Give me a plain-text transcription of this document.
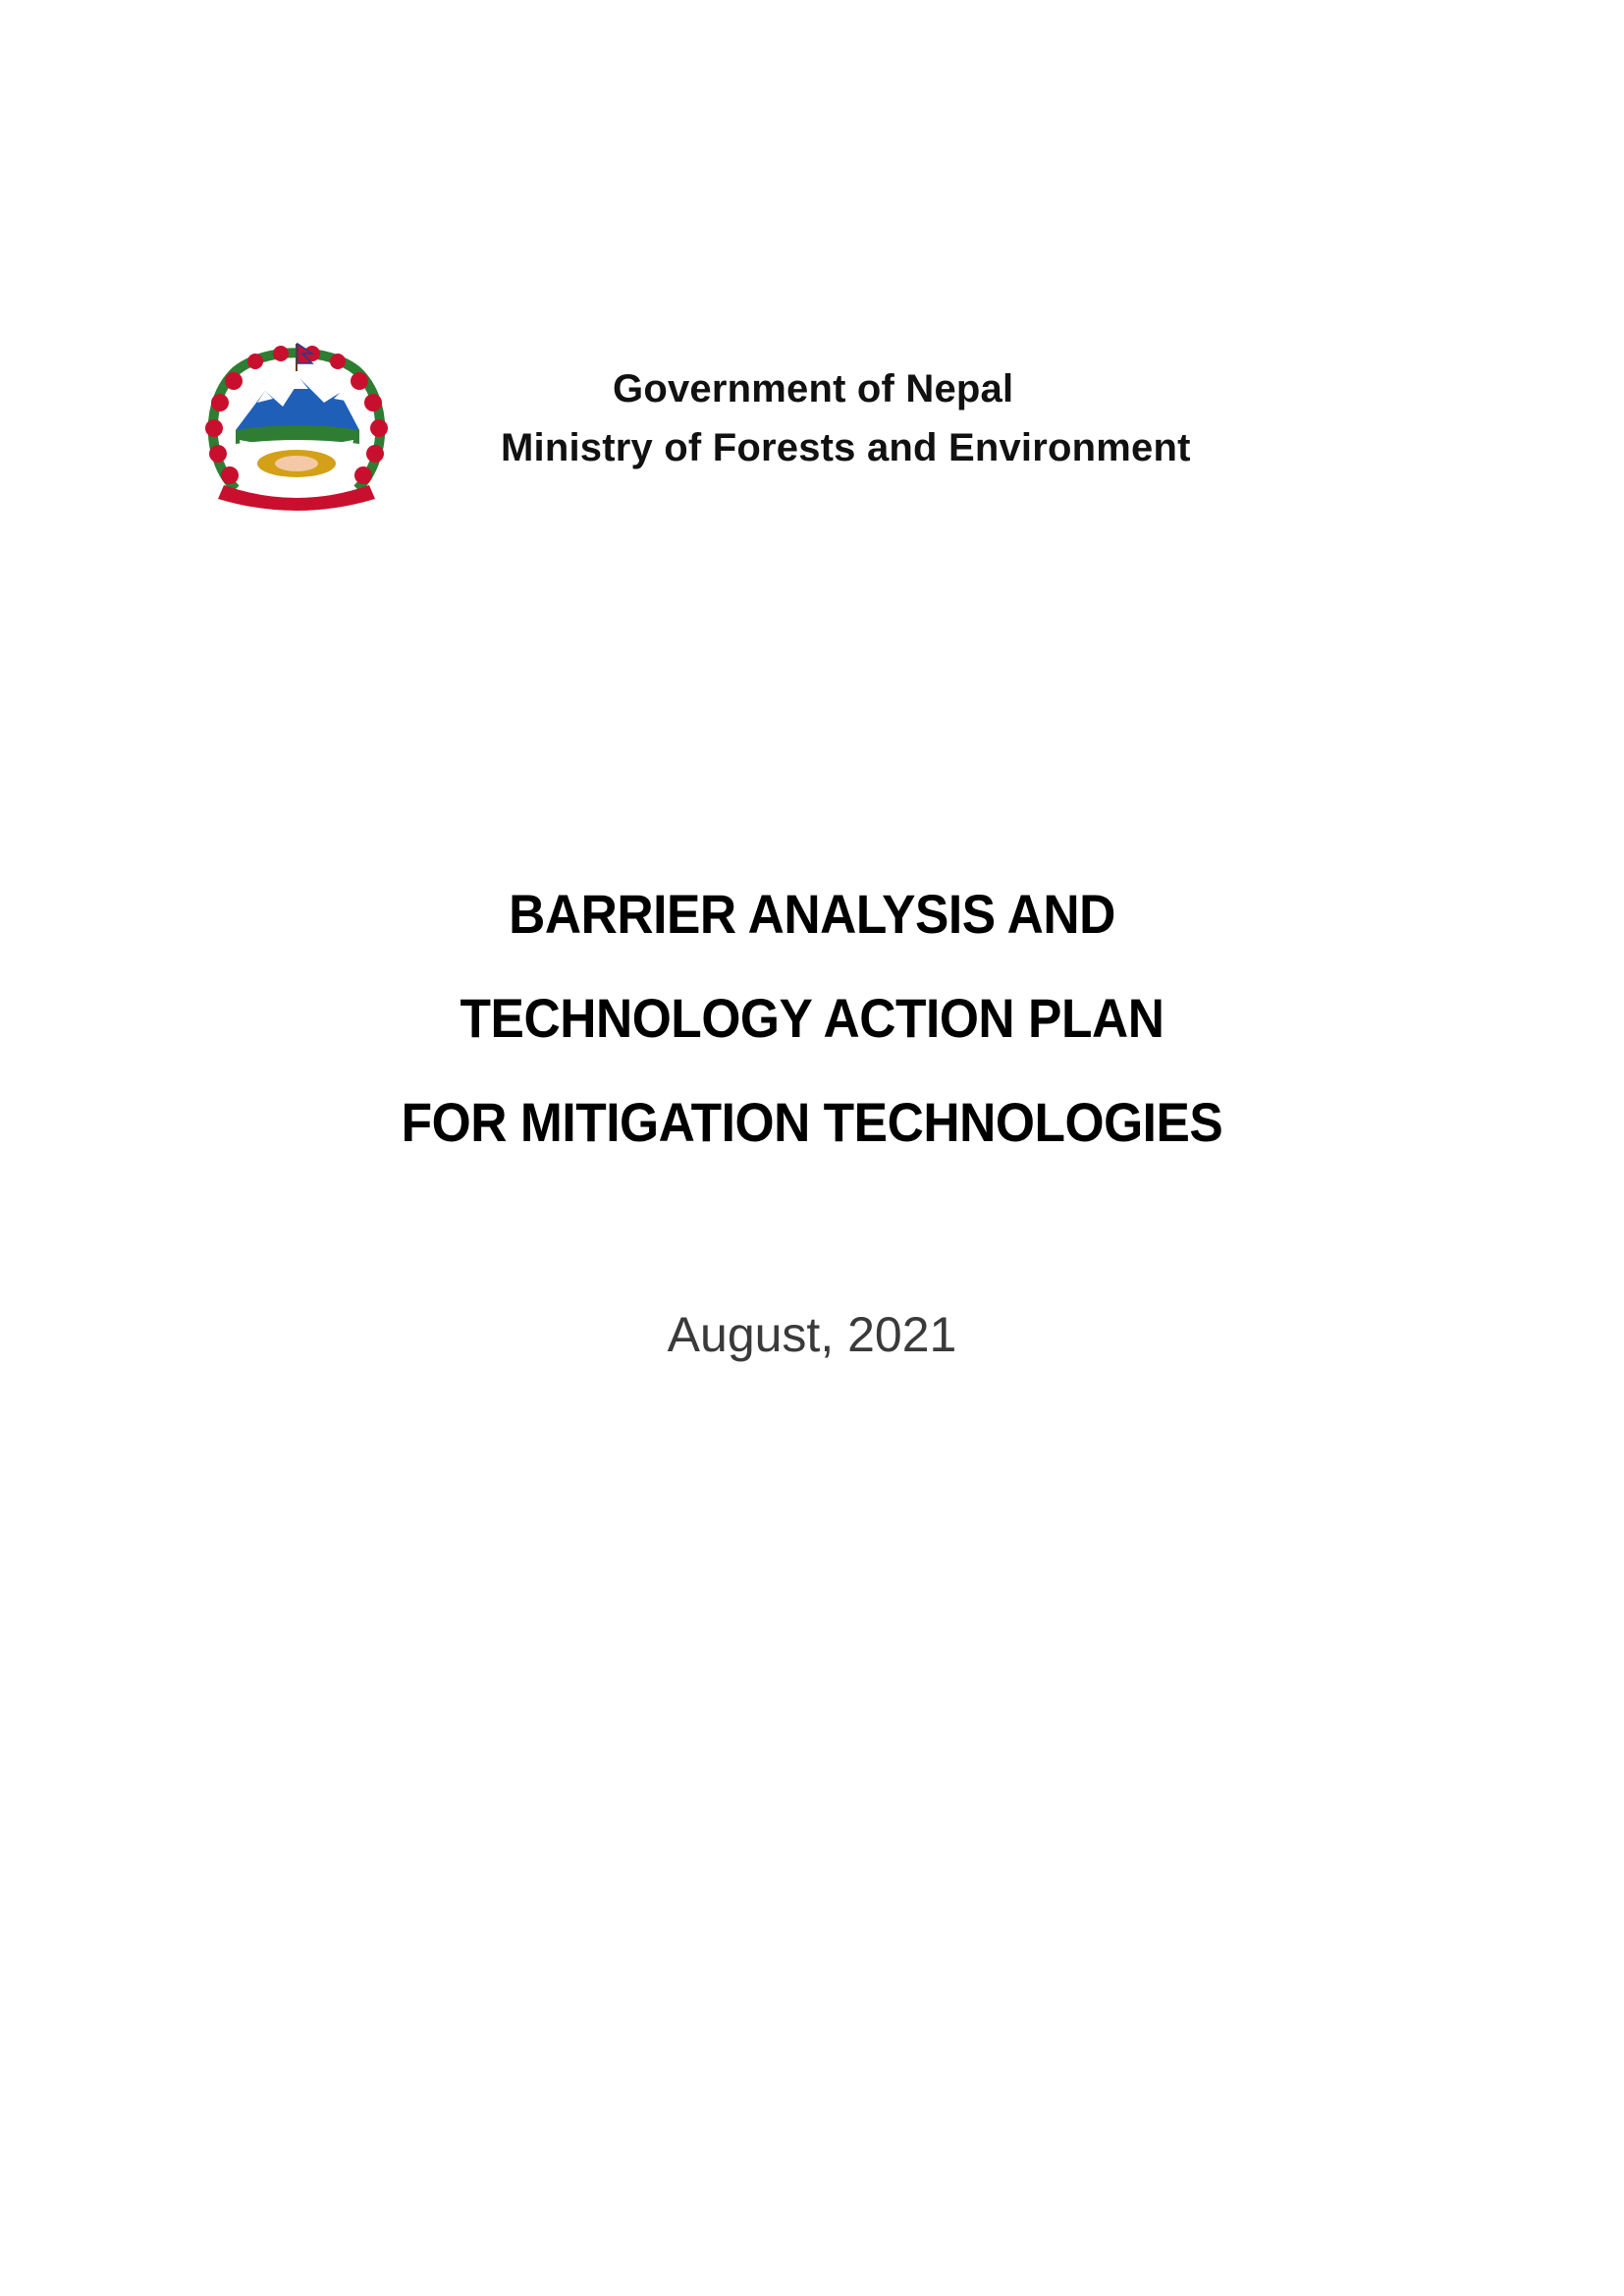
Government of Nepal
Ministry of Forests and Environment
BARRIER ANALYSIS AND
TECHNOLOGY ACTION PLAN
FOR MITIGATION TECHNOLOGIES
August, 2021
